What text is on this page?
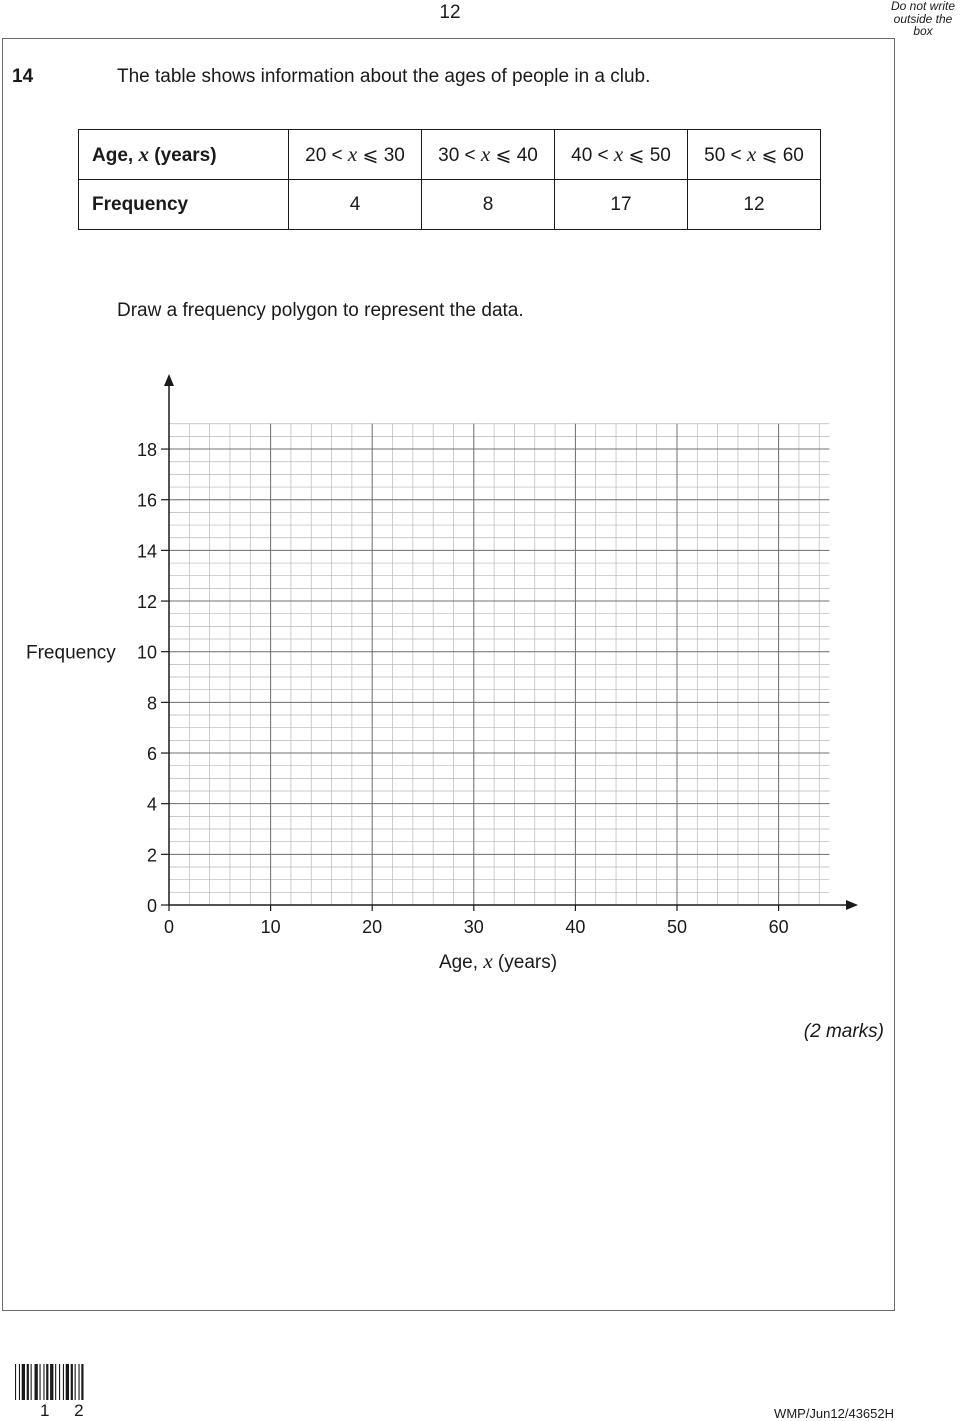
12	Do not write
outside the
box
14	The table shows information about the ages of people in a club.
Age, x (years)	20 < x ⩽ 30	30 < x ⩽ 40	40 < x ⩽ 50	50 < x ⩽ 60
Frequency	4	8	17	12
Draw a frequency polygon to represent the data.
0
2
4
6
8
10
12
14
16
18
0	10	20	30	40	50	60
Age, x (years)
Frequency
(2 marks)
1 2	WMP/Jun12/43652H
